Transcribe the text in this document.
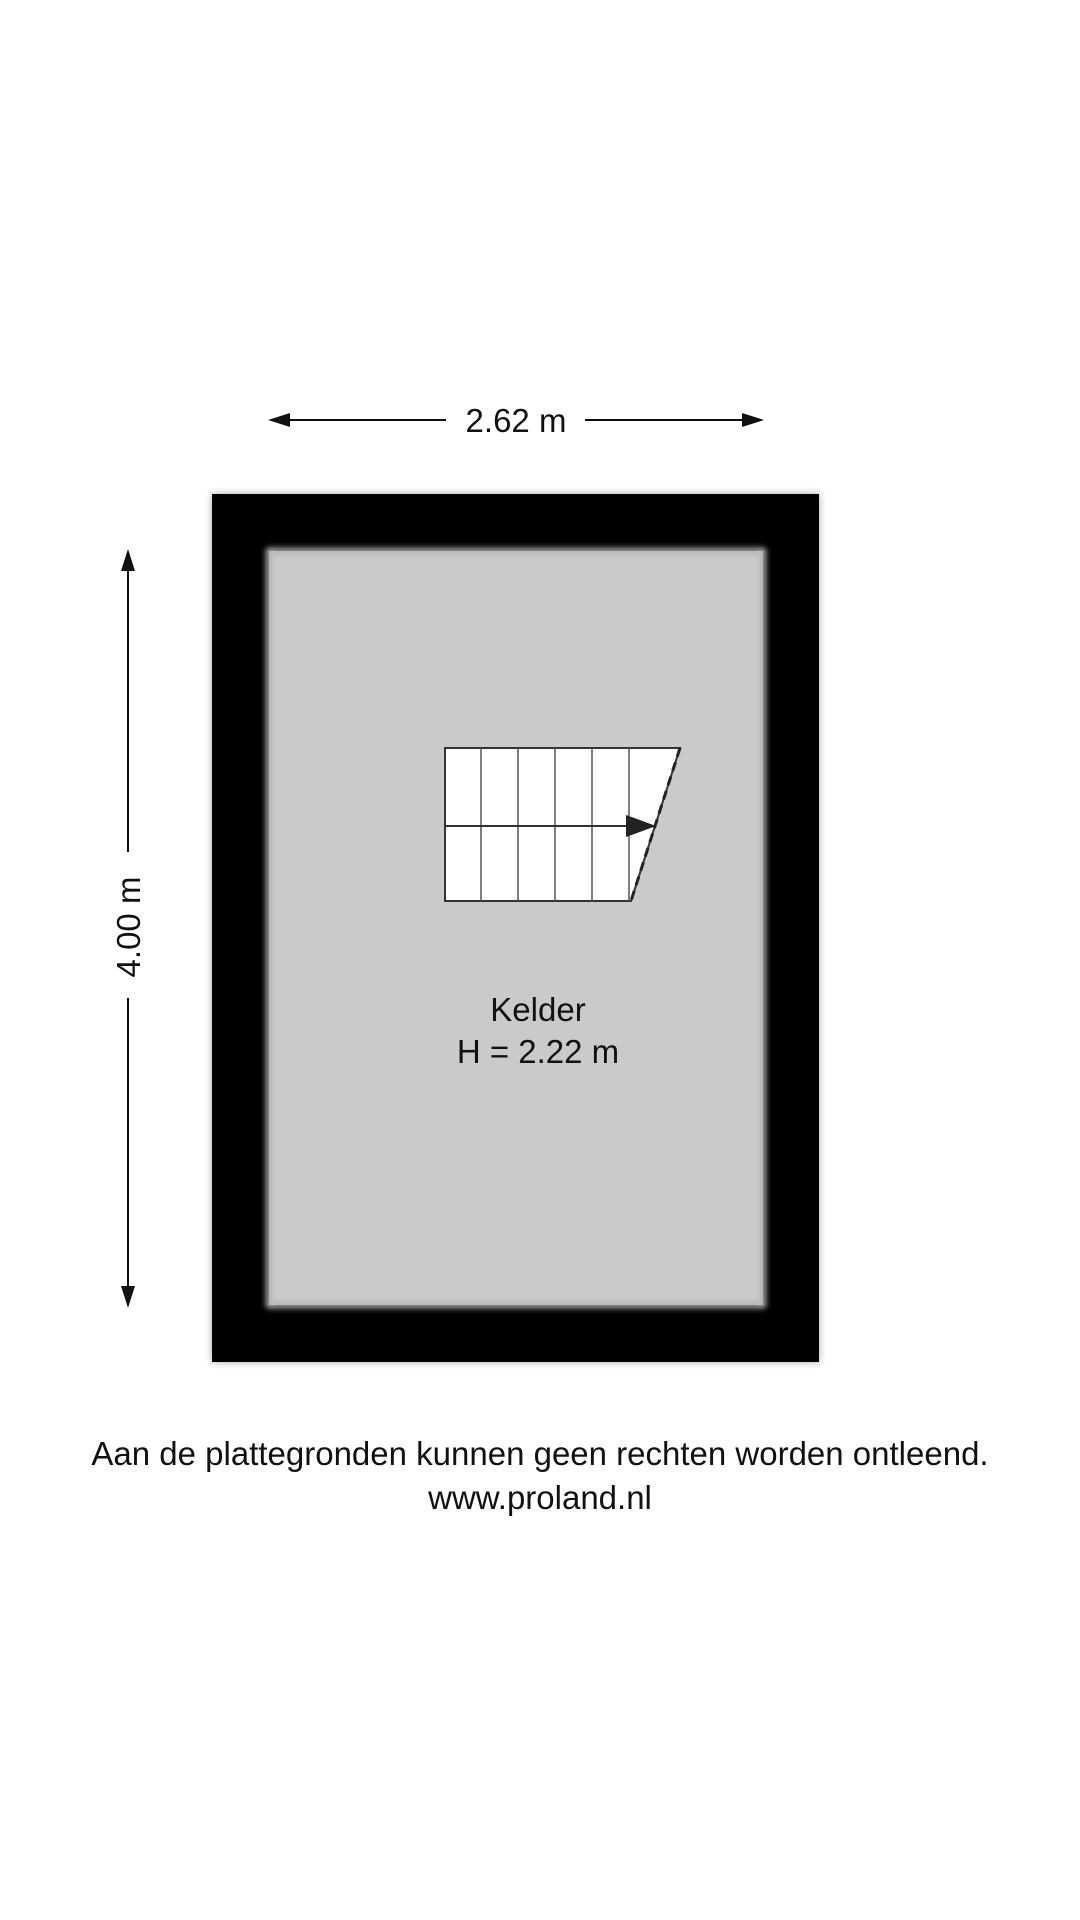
2.62 m
4.00 m
Kelder
H = 2.22 m
Aan de plattegronden kunnen geen rechten worden ontleend.
www.proland.nl
